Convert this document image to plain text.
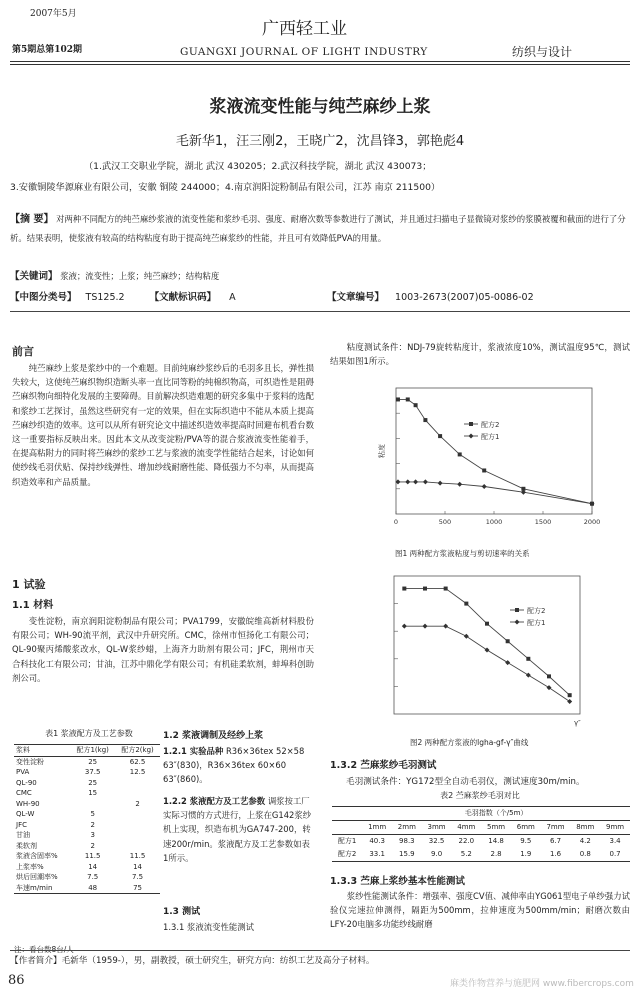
2007年5月
第5期总第102期
广西轻工业
GUANGXI JOURNAL OF LIGHT INDUSTRY	纺织与设计
浆液流变性能与纯苎麻纱上浆
毛新华1，汪三刚2，王晓广2，沈昌锋3，郭艳彪4
（1.武汉工交职业学院，湖北 武汉 430205；2.武汉科技学院，湖北 武汉 430073；
3.安徽铜陵华源麻业有限公司，安徽 铜陵 244000；4.南京润阳淀粉制品有限公司，江苏 南京 211500）
【摘 要】 对两种不同配方的纯苎麻纱浆液的流变性能和浆纱毛羽、强度、耐磨次数等参数进行了测试，并且通过扫描电子显微镜对浆纱的浆膜被覆和截面的进行了分析。结果表明，使浆液有较高的结构粘度有助于提高纯苎麻浆纱的性能，并且可有效降低PVA的用量。
【关键词】 浆液；流变性；上浆；纯苎麻纱；结构粘度
【中图分类号】 TS125.2	【文献标识码】 A	【文章编号】 1003-2673(2007)05-0086-02
前言

纯苎麻纱上浆是浆纱中的一个难题。目前纯麻纱浆纱后的毛羽多且长，弹性损失较大，这使纯苎麻织物织造断头率一直比同等粉的纯棉织物高，可织造性是阻碍苎麻织物向细特化发展的主要障碍。目前解决织造难题的研究多集中于浆料的选配和浆纱工艺探讨，虽然这些研究有一定的效果，但在实际织造中不能从本质上提高苎麻纱织造的效率。这可以从所有研究论文中描述织造效率提高时回避布机看台数这一重要指标反映出来。因此本文从改变淀粉/PVA等的混合浆液流变性能着手，在提高粘附力的同时将苎麻纱的浆纱工艺与浆液的流变学性能结合起来，讨论如何使纱线毛羽伏贴、保持纱线弹性、增加纱线耐磨性能、降低强力不匀率，从而提高织造效率和产品质量。

1 试验
1.1 材料

变性淀粉，南京润阳淀粉制品有限公司；PVA1799，安徽皖维高新材料股份有限公司；WH-90流平剂，武汉中升研究所。CMC，徐州市恒扬化工有限公司；QL-90聚丙烯酸浆改水，QL-W浆纱蜡，上海齐力助剂有限公司；JFC，荆州市天合科技化工有限公司；甘油，江苏中鼎化学有限公司；有机硅柔软剂，蚌埠科创助剂公司。

表1 浆液配方及工艺参数
浆料	配方1(kg)	配方2(kg)
变性淀粉	25	62.5
PVA	37.5	12.5
QL-90	25	
CMC	15	
WH-90		2
QL-W	5	
JFC	2	
甘油	3	
柔软剂	2	
浆液含固率%	11.5	11.5
上浆率%	14	14
烘后回潮率%	7.5	7.5
车速m/min	48	75
注：看台数8台/人
1.2 浆液调制及经纱上浆
1.2.1 实验品种 R36×36tex 52×58 63″(830)，R36×36tex 60×60 63″(860)。
1.2.2 浆液配方及工艺参数 调浆按工厂实际习惯的方式进行，上浆在G142浆纱机上实现，织造布机为GA747-200，转速200r/min。浆液配方及工艺参数如表1所示。
1.3 测试
1.3.1 浆液流变性能测试

粘度测试条件：NDJ-79旋转粘度计，浆液浓度10%，测试温度95℃，测试结果如图1所示。

配方2
配方1
0	500	1000	1500	2000
粘度
图1 两种配方浆液粘度与剪切速率的关系
配方2
配方1
γ″
图2 两种配方浆液的lgha-gf‑γ″曲线
1.3.2 苎麻浆纱毛羽测试
毛羽测试条件：YG172型全自动毛羽仪，测试速度30m/min。
表2 苎麻浆纱毛羽对比
	毛羽指数（个/5m）								
	1mm	2mm	3mm	4mm	5mm	6mm	7mm	8mm	9mm
配方1	40.3	98.3	32.5	22.0	14.8	9.5	6.7	4.2	3.4
配方2	33.1	15.9	9.0	5.2	2.8	1.9	1.6	0.8	0.7
1.3.3 苎麻上浆纱基本性能测试

浆纱性能测试条件：增强率、强度CV值、减伸率由YG061型电子单纱强力试验仪完速拉伸测得，隔距为500mm，拉伸速度为500mm/min；耐磨次数由LFY-20电脑多功能纱线耐磨

【作者简介】毛新华（1959-），男，副教授，硕士研究生，研究方向：纺织工艺及高分子材料。
86	麻类作物营养与施肥网 www.fibercrops.com
